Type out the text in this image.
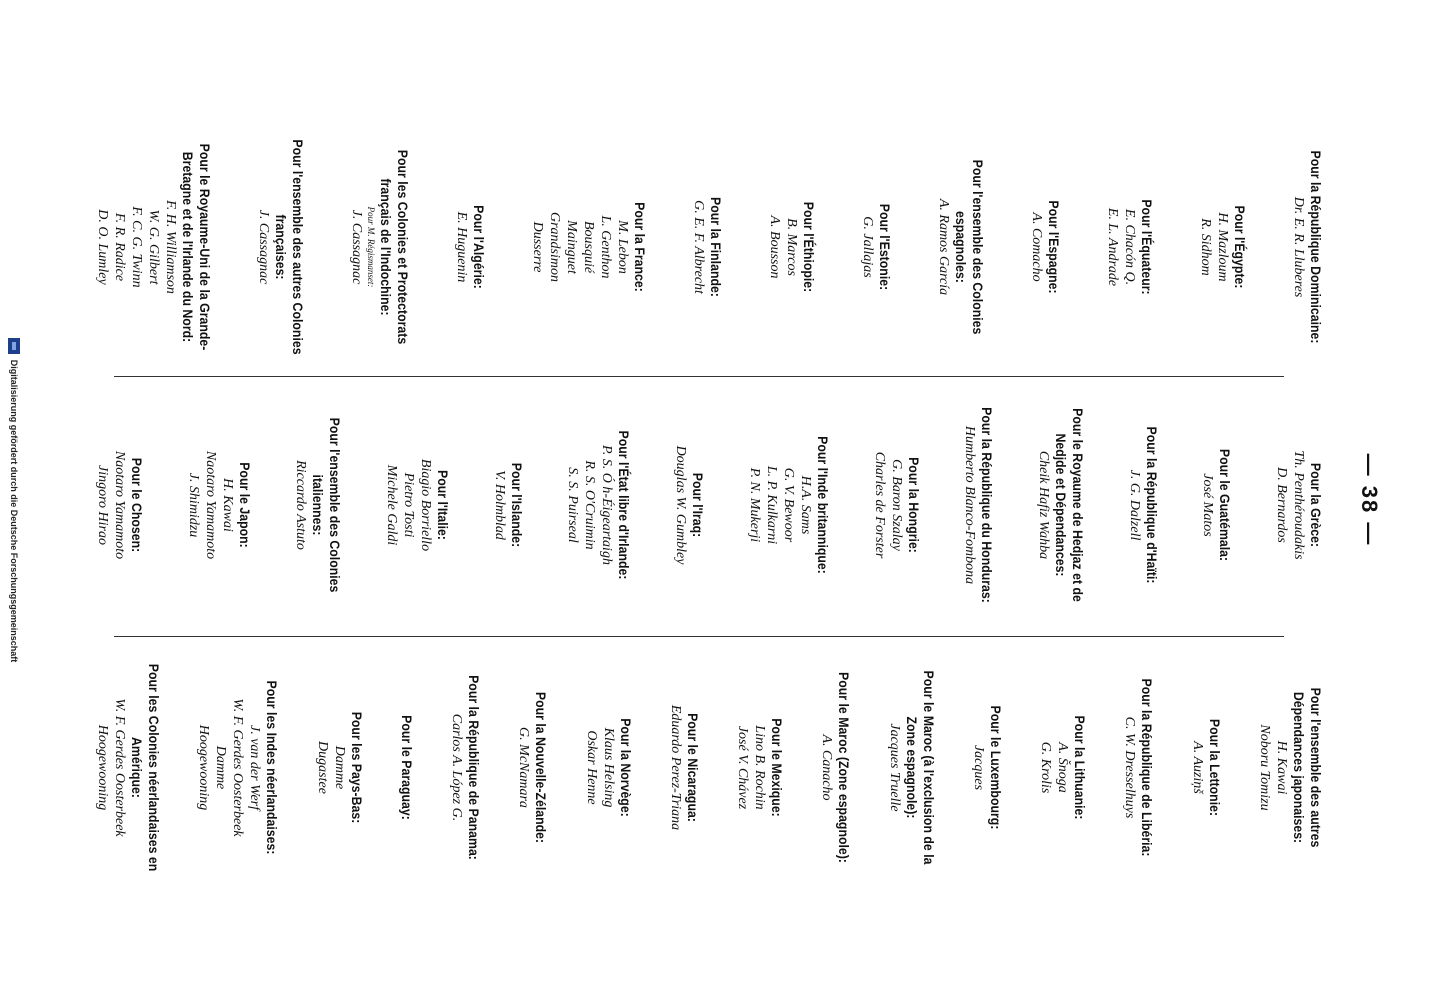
— 38 —
Pour la République Dominicaine:
Dr. E. R. Lluberes
Pour l'Égypte:
H. Mazloum
R. Sidhom
Pour l'Équateur:
E. Chacón Q.
E. L. Andrade
Pour l'Espagne:
A. Comacho
Pour l'ensemble des Colonies espagnoles:
A. Ramos García
Pour l'Estonie:
G. Jallajas
Pour l'Éthiopie:
B. Marcos
A. Bousson
Pour la Finlande:
G. E. F. Albrecht
Pour la France:
M. Lebon
L. Genthon
Bousquié
Mainguet
Grandsimon
Dusserre
Pour l'Algérie:
E. Huguenin
Pour les Colonies et Protectorats français de l'Indochine:
Pour M. Régismanset:
J. Cassagnac
Pour l'ensemble des autres Colonies françaises:
J. Cassagnac
Pour le Royaume-Uni de la Grande-Bretagne et de l'Irlande du Nord:
F. H. Williamson
W. G. Gilbert
F. C. G. Twinn
F. R. Radice
D. O. Lumley
Pour la Grèce:
Th. Penthéroudakis
D. Bernardos
Pour le Guatémala:
José Matos
Pour la République d'Haïti:
J. G. Dalzell
Pour le Royaume de Hedjaz et de Nedjde et Dépendances:
Cheik Hafiz Wahba
Pour la République du Honduras:
Humberto Blanco-Fombona
Pour la Hongrie:
G. Baron Szalay
Charles de Forster
Pour l'Inde britannique:
H.A. Sams
G. V. Bewoor
L. P. Kulkarni
P. N. Mukerji
Pour l'Iraq:
Douglas W. Gumbley
Pour l'État libre d'Irlande:
P. S. Ó h-Éigeartaigh
R. S. O'Cruimin
S. S. Puirseal
Pour l'Islande:
V. Holmblad
Pour l'Italie:
Biagio Borriello
Pietro Tosti
Michele Galdi
Pour l'ensemble des Colonies italiennes:
Riccardo Astuto
Pour le Japon:
H. Kawai
Naotaro Yamamoto
J. Shimidzu
Pour le Chosen:
Naotaro Yamamoto
Jingoro Hirao
Pour l'ensemble des autres Dépendances japonaises:
H. Kawai
Noboru Tomizu
Pour la Lettonie:
A. Auziņš
Pour la République de Libéria:
C. W. Dresselhuys
Pour la Lithuanie:
A. Šnoga
G. Krolis
Pour le Luxembourg:
Jacques
Pour le Maroc (à l'exclusion de la Zone espagnole):
Jacques Truelle
Pour le Maroc (Zone espagnole):
A. Canacho
Pour le Mexique:
Lino B. Rochin
José V. Chávez
Pour le Nicaragua:
Eduardo Perez-Triana
Pour la Norvège:
Klaus Helsing
Oskar Henne
Pour la Nouvelle-Zélande:
G. McNamara
Pour la République de Panama:
Carlos A. López G.
Pour le Paraguay:
Pour les Pays-Bas:
Damme
Dugastee
Pour les Indes néerlandaises:
J. van der Werf
W. F. Gerdes Oosterbeek
Damme
Hoogewooning
Pour les Colonies néerlandaises en Amérique:
W. F. Gerdes Oosterbeek
Hoogewooning
Digitalisierung gefördert durch die Deutsche Forschungsgemeinschaft
